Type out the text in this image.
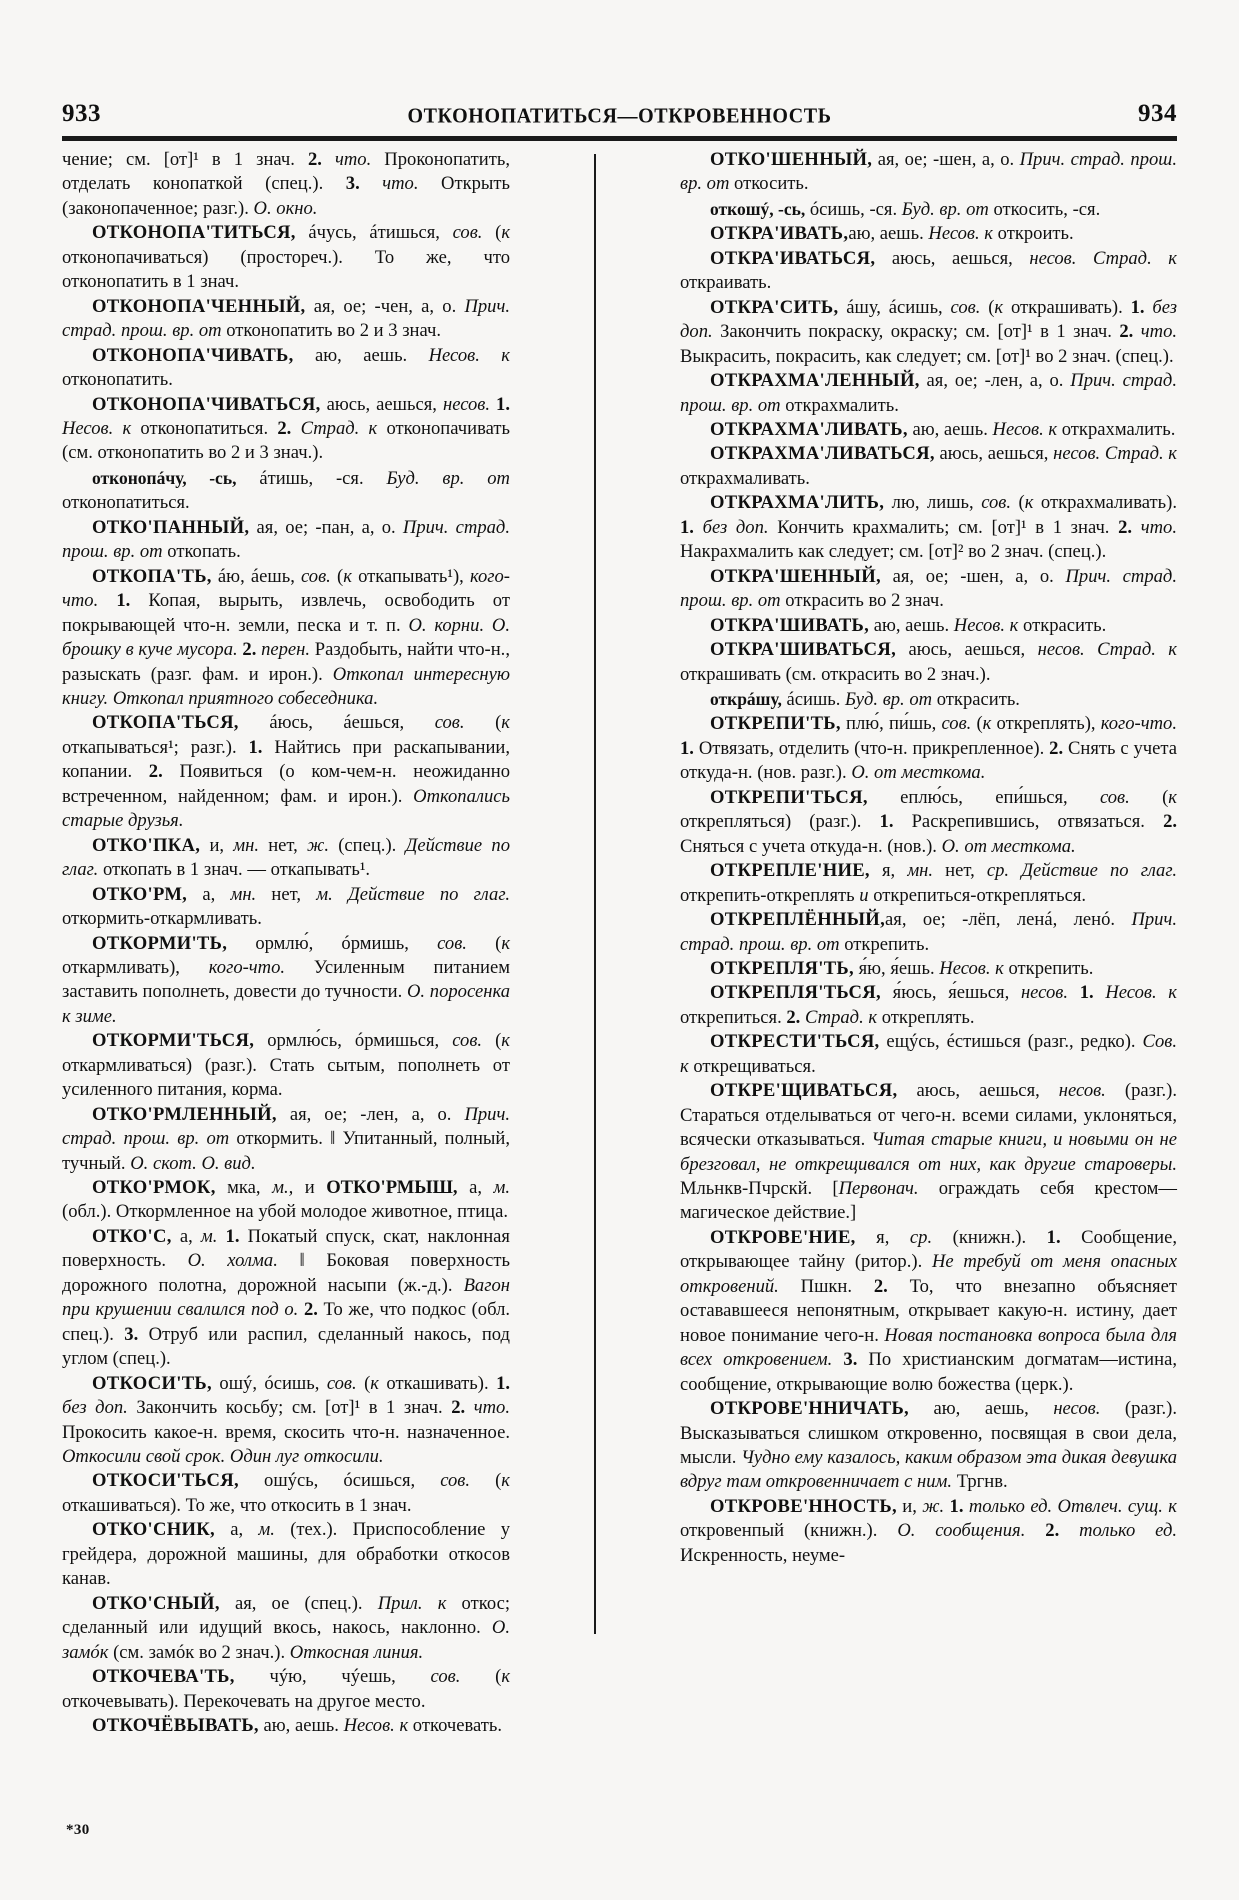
933	ОТКОНОПАТИТЬСЯ—ОТКРОВЕННОСТЬ	934

чение; см. [от]¹ в 1 знач. 2. что. Проконопатить, отделать конопаткой (спец.). 3. что. Открыть (законопаченное; разг.). О. окно.

ОТКОНОПА'ТИТЬСЯ, áчусь, áтишься, сов. (к отконопачиваться) (простореч.). То же, что отконопатить в 1 знач.

ОТКОНОПА'ЧЕННЫЙ, ая, ое; -чен, а, о. Прич. страд. прош. вр. от отконопатить во 2 и 3 знач.

ОТКОНОПА'ЧИВАТЬ, аю, аешь. Несов. к отконопатить.

ОТКОНОПА'ЧИВАТЬСЯ, аюсь, аешься, несов. 1. Несов. к отконопатиться. 2. Страд. к отконопачивать (см. отконопатить во 2 и 3 знач.).

отконопáчу, -сь, áтишь, -ся. Буд. вр. от отконопатиться.

ОТКО'ПАННЫЙ, ая, ое; -пан, а, о. Прич. страд. прош. вр. от откопать.

ОТКОПА'ТЬ, áю, áешь, сов. (к откапывать¹), кого-что. 1. Копая, вырыть, извлечь, освободить от покрывающей что-н. земли, песка и т. п. О. корни. О. брошку в куче мусора. 2. перен. Раздобыть, найти что-н., разыскать (разг. фам. и ирон.). Откопал интересную книгу. Откопал приятного собеседника.

ОТКОПА'ТЬСЯ, áюсь, áешься, сов. (к откапываться¹; разг.). 1. Найтись при раскапывании, копании. 2. Появиться (о ком-чем-н. неожиданно встреченном, найденном; фам. и ирон.). Откопались старые друзья.

ОТКО'ПКА, и, мн. нет, ж. (спец.). Действие по глаг. откопать в 1 знач. — откапывать¹.

ОТКО'РМ, а, мн. нет, м. Действие по глаг. откормить-откармливать.

ОТКОРМИ'ТЬ, ормлю́, óрмишь, сов. (к откармливать), кого-что. Усиленным питанием заставить пополнеть, довести до тучности. О. поросенка к зиме.

ОТКОРМИ'ТЬСЯ, ормлю́сь, óрмишься, сов. (к откармливаться) (разг.). Стать сытым, пополнеть от усиленного питания, корма.

ОТКО'РМЛЕННЫЙ, ая, ое; -лен, а, о. Прич. страд. прош. вр. от откормить. ‖ Упитанный, полный, тучный. О. скот. О. вид.

ОТКО'РМОК, мка, м., и ОТКО'РМЫШ, а, м. (обл.). Откормленное на убой молодое животное, птица.

ОТКО'С, а, м. 1. Покатый спуск, скат, наклонная поверхность. О. холма. ‖ Боковая поверхность дорожного полотна, дорожной насыпи (ж.-д.). Вагон при крушении свалился под о. 2. То же, что подкос (обл. спец.). 3. Отруб или распил, сделанный накось, под углом (спец.).

ОТКОСИ'ТЬ, ошý, óсишь, сов. (к откашивать). 1. без доп. Закончить косьбу; см. [от]¹ в 1 знач. 2. что. Прокосить какое-н. время, скосить что-н. назначенное. Откосили свой срок. Один луг откосили.

ОТКОСИ'ТЬСЯ, ошýсь, óсишься, сов. (к откашиваться). То же, что откосить в 1 знач.

ОТКО'СНИК, а, м. (тех.). Приспособление у грейдера, дорожной машины, для обработки откосов канав.

ОТКО'СНЫЙ, ая, ое (спец.). Прил. к откос; сделанный или идущий вкось, накось, наклонно. О. замóк (см. замóк во 2 знач.). Откосная линия.

ОТКОЧЕВА'ТЬ, чýю, чýешь, сов. (к откочевывать). Перекочевать на другое место.

ОТКОЧЁВЫВАТЬ, аю, аешь. Несов. к откочевать.

ОТКО'ШЕННЫЙ, ая, ое; -шен, а, о. Прич. страд. прош. вр. от откосить.

откошý, -сь, óсишь, -ся. Буд. вр. от откосить, -ся.

ОТКРА'ИВАТЬ,аю, аешь. Несов. к откроить.

ОТКРА'ИВАТЬСЯ, аюсь, аешься, несов. Страд. к откраивать.

ОТКРА'СИТЬ, áшу, áсишь, сов. (к открашивать). 1. без доп. Закончить покраску, окраску; см. [от]¹ в 1 знач. 2. что. Выкрасить, покрасить, как следует; см. [от]¹ во 2 знач. (спец.).

ОТКРАХМА'ЛЕННЫЙ, ая, ое; -лен, а, о. Прич. страд. прош. вр. от открахмалить.

ОТКРАХМА'ЛИВАТЬ, аю, аешь. Несов. к открахмалить.

ОТКРАХМА'ЛИВАТЬСЯ, аюсь, аешься, несов. Страд. к открахмаливать.

ОТКРАХМА'ЛИТЬ, лю, лишь, сов. (к открахмаливать). 1. без доп. Кончить крахмалить; см. [от]¹ в 1 знач. 2. что. Накрахмалить как следует; см. [от]² во 2 знач. (спец.).

ОТКРА'ШЕННЫЙ, ая, ое; -шен, а, о. Прич. страд. прош. вр. от открасить во 2 знач.

ОТКРА'ШИВАТЬ, аю, аешь. Несов. к открасить.

ОТКРА'ШИВАТЬСЯ, аюсь, аешься, несов. Страд. к открашивать (см. открасить во 2 знач.).

открáшу, áсишь. Буд. вр. от открасить.

ОТКРЕПИ'ТЬ, плю́, пи́шь, сов. (к откреплять), кого-что. 1. Отвязать, отделить (что-н. прикрепленное). 2. Снять с учета откуда-н. (нов. разг.). О. от месткома.

ОТКРЕПИ'ТЬСЯ, еплю́сь, епи́шься, сов. (к открепляться) (разг.). 1. Раскрепившись, отвязаться. 2. Сняться с учета откуда-н. (нов.). О. от месткома.

ОТКРЕПЛЕ'НИЕ, я, мн. нет, ср. Действие по глаг. открепить-откреплять и открепиться-открепляться.

ОТКРЕПЛЁННЫЙ,ая, ое; -лёп, ленá, ленó. Прич. страд. прош. вр. от открепить.

ОТКРЕПЛЯ'ТЬ, я́ю, я́ешь. Несов. к открепить.

ОТКРЕПЛЯ'ТЬСЯ, я́юсь, я́ешься, несов. 1. Несов. к открепиться. 2. Страд. к откреплять.

ОТКРЕСТИ'ТЬСЯ, ещýсь, éстишься (разг., редко). Сов. к открещиваться.

ОТКРЕ'ЩИВАТЬСЯ, аюсь, аешься, несов. (разг.). Стараться отделываться от чего-н. всеми силами, уклоняться, всячески отказываться. Читая старые книги, и новыми он не брезговал, не открещивался от них, как другие староверы. Мльнкв-Пчрскй. [Первонач. ограждать себя крестом—магическое действие.]

ОТКРОВЕ'НИЕ, я, ср. (книжн.). 1. Сообщение, открывающее тайну (ритор.). Не требуй от меня опасных откровений. Пшкн. 2. То, что внезапно объясняет остававшееся непонятным, открывает какую-н. истину, дает новое понимание чего-н. Новая постановка вопроса была для всех откровением. 3. По христианским догматам—истина, сообщение, открывающие волю божества (церк.).

ОТКРОВЕ'ННИЧАТЬ, аю, аешь, несов. (разг.). Высказываться слишком откровенно, посвящая в свои дела, мысли. Чудно ему казалось, каким образом эта дикая девушка вдруг там откровенничает с ним. Тргнв.

ОТКРОВЕ'ННОСТЬ, и, ж. 1. только ед. Отвлеч. сущ. к откровенпый (книжн.). О. сообщения. 2. только ед. Искренность, неуме-

*30
